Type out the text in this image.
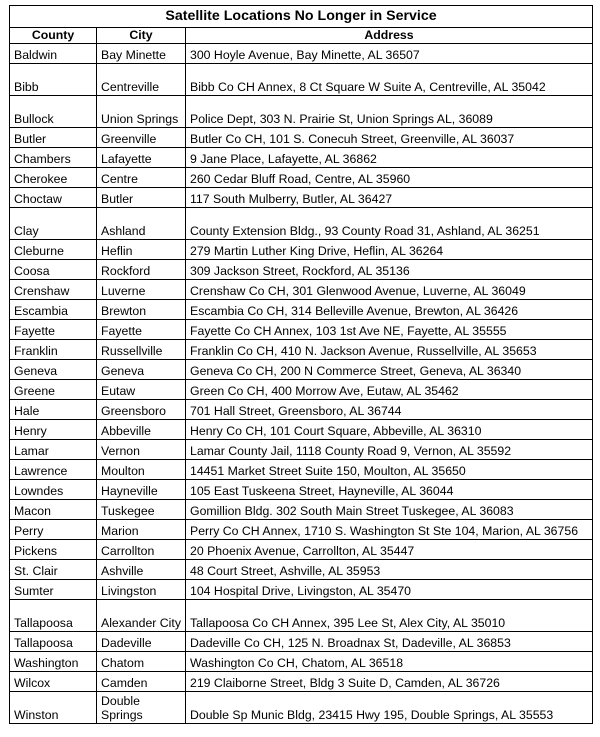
Satellite Locations No Longer in Service		
County	City	Address
Baldwin	Bay Minette	300 Hoyle Avenue, Bay Minette, AL 36507
Bibb	Centreville	Bibb Co CH Annex, 8 Ct Square W Suite A, Centreville, AL 35042
Bullock	Union Springs	Police Dept, 303 N. Prairie St, Union Springs AL, 36089
Butler	Greenville	Butler Co CH, 101 S. Conecuh Street, Greenville, AL 36037
Chambers	Lafayette	9 Jane Place, Lafayette, AL 36862
Cherokee	Centre	260 Cedar Bluff Road, Centre, AL 35960
Choctaw	Butler	117 South Mulberry, Butler, AL 36427
Clay	Ashland	County Extension Bldg., 93 County Road 31, Ashland, AL 36251
Cleburne	Heflin	279 Martin Luther King Drive, Heflin, AL 36264
Coosa	Rockford	309 Jackson Street, Rockford, AL 35136
Crenshaw	Luverne	Crenshaw Co CH, 301 Glenwood Avenue, Luverne, AL 36049
Escambia	Brewton	Escambia Co CH, 314 Belleville Avenue, Brewton, AL 36426
Fayette	Fayette	Fayette Co CH Annex, 103 1st Ave NE, Fayette, AL 35555
Franklin	Russellville	Franklin Co CH, 410 N. Jackson Avenue, Russellville, AL 35653
Geneva	Geneva	Geneva Co CH, 200 N Commerce Street, Geneva, AL 36340
Greene	Eutaw	Green Co CH, 400 Morrow Ave, Eutaw, AL 35462
Hale	Greensboro	701 Hall Street, Greensboro, AL 36744
Henry	Abbeville	Henry Co CH, 101 Court Square, Abbeville, AL 36310
Lamar	Vernon	Lamar County Jail, 1118 County Road 9, Vernon, AL 35592
Lawrence	Moulton	14451 Market Street Suite 150, Moulton, AL 35650
Lowndes	Hayneville	105 East Tuskeena Street, Hayneville, AL 36044
Macon	Tuskegee	Gomillion Bldg. 302 South Main Street Tuskegee, AL 36083
Perry	Marion	Perry Co CH Annex, 1710 S. Washington St Ste 104, Marion, AL 36756
Pickens	Carrollton	20 Phoenix Avenue, Carrollton, AL 35447
St. Clair	Ashville	48 Court Street, Ashville, AL 35953
Sumter	Livingston	104 Hospital Drive, Livingston, AL 35470
Tallapoosa	Alexander City	Tallapoosa Co CH Annex, 395 Lee St, Alex City, AL 35010
Tallapoosa	Dadeville	Dadeville Co CH, 125 N. Broadnax St, Dadeville, AL 36853
Washington	Chatom	Washington Co CH, Chatom, AL 36518
Wilcox	Camden	219 Claiborne Street, Bldg 3 Suite D, Camden, AL 36726
Winston	Double Springs	Double Sp Munic Bldg, 23415 Hwy 195, Double Springs, AL 35553
